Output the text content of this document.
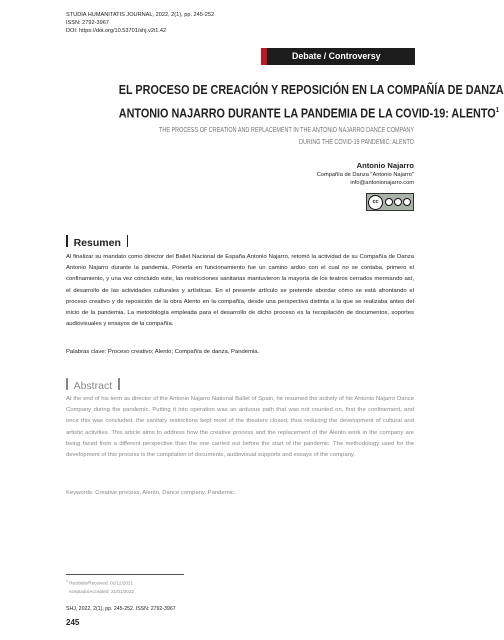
STUDIA HUMANITATIS JOURNAL, 2022, 2(1), pp. 245-252
ISSN: 2792-3967
DOI: https://doi.org/10.53701/shj.v2i1.42
Debate / Controversy
EL PROCESO DE CREACIÓN Y REPOSICIÓN EN LA COMPAÑÍA DE DANZA
ANTONIO NAJARRO DURANTE LA PANDEMIA DE LA COVID-19: ALENTO$^1$
THE PROCESS OF CREATION AND REPLACEMENT IN THE ANTONIO NAJARRO DANCE COMPANY
DURING THE COVID-19 PANDEMIC: ALENTO
Antonio Najarro
Compañía de Danza "Antonio Najarro"
info@antonionajarro.com
cc
Resumen
Al finalizar su mandato como director del Ballet Nacional de España Antonio Najarro, retomó la actividad de su Compañía de Danza Antonio Najarro durante la pandemia. Ponerla en funcionamiento fue un camino arduo con el cual no se contaba, primero el confinamiento, y una vez concluido este, las restricciones sanitarias mantuvieron la mayoría de los teatros cerrados mermando así, el desarrollo de las actividades culturales y artísticas. En el presente artículo se pretende abordar cómo se está afrontando el proceso creativo y de reposición de la obra Alento en la compañía, desde una perspectiva distinta a la que se realizaba antes del inicio de la pandemia. La metodología empleada para el desarrollo de dicho proceso es la recopilación de documentos, soportes audiovisuales y ensayos de la compañía.
Palabras clave: Proceso creativo; Alento; Compañía de danza, Pandemia.
Abstract
At the end of his term as director of the Antonio Najarro National Ballet of Spain, he resumed the activity of his Antonio Najarro Dance Company during the pandemic. Putting it into operation was an arduous path that was not counted on, first the confinement, and once this was concluded, the sanitary restrictions kept most of the theaters closed, thus reducing the development of cultural and artistic activities. This article aims to address how the creative process and the replacement of the Alento work in the company are being faced from a different perspective than the one carried out before the start of the pandemic. The methodology used for the development of this process is the compilation of documents, audiovisual supports and essays of the company.
Keywords: Creative process, Alento, Dance company, Pandemic.
$^1$ Recibido/Received: 01/12/2021
Aceptado/Accepted: 21/01/2022
SHJ, 2022, 2(1), pp. 245-252. ISSN: 2792-3967
245
